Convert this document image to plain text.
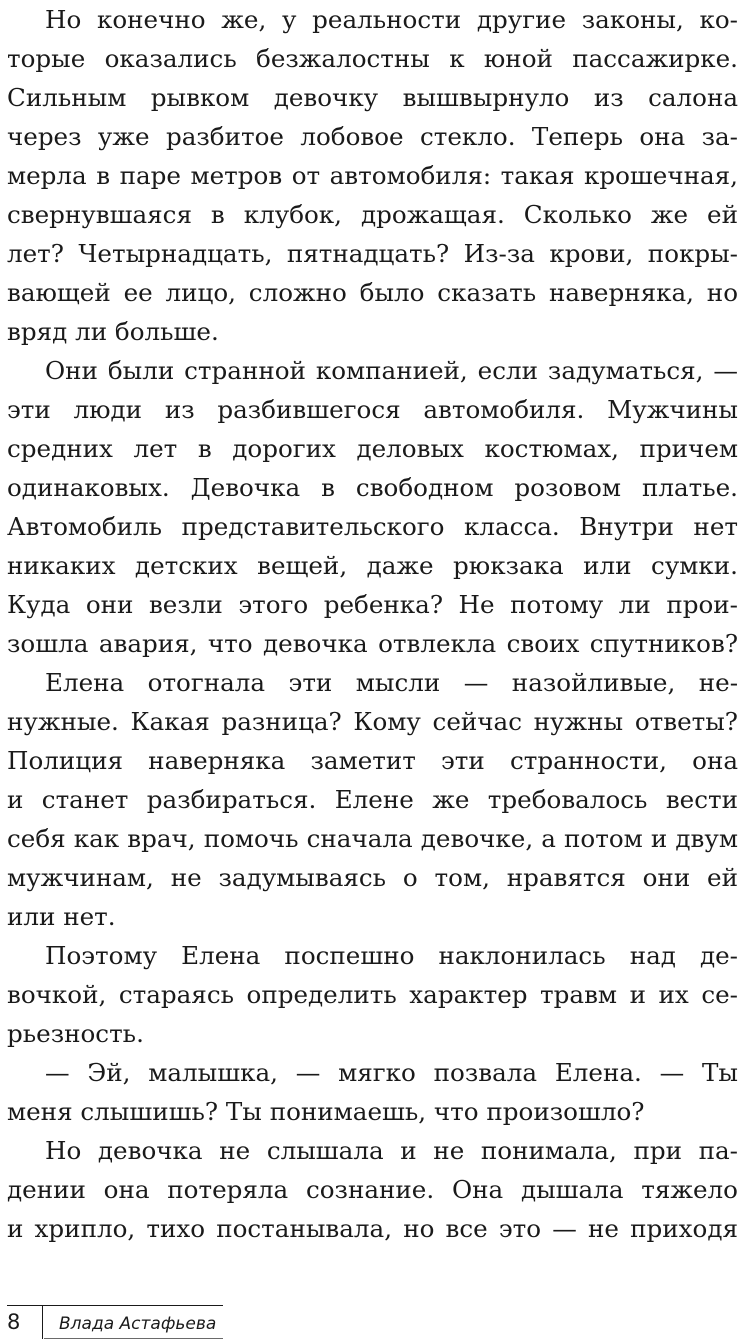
Но конечно же, у реальности другие законы, ко-
торые оказались безжалостны к юной пассажирке.
Сильным рывком девочку вышвырнуло из салона
через уже разбитое лобовое стекло. Теперь она за-
мерла в паре метров от автомобиля: такая крошечная,
свернувшаяся в клубок, дрожащая. Сколько же ей
лет? Четырнадцать, пятнадцать? Из-за крови, покры-
вающей ее лицо, сложно было сказать наверняка, но
вряд ли больше.
Они были странной компанией, если задуматься, —
эти люди из разбившегося автомобиля. Мужчины
средних лет в дорогих деловых костюмах, причем
одинаковых. Девочка в свободном розовом платье.
Автомобиль представительского класса. Внутри нет
никаких детских вещей, даже рюкзака или сумки.
Куда они везли этого ребенка? Не потому ли прои-
зошла авария, что девочка отвлекла своих спутников?
Елена отогнала эти мысли — назойливые, не-
нужные. Какая разница? Кому сейчас нужны ответы?
Полиция наверняка заметит эти странности, она
и станет разбираться. Елене же требовалось вести
себя как врач, помочь сначала девочке, а потом и двум
мужчинам, не задумываясь о том, нравятся они ей
или нет.
Поэтому Елена поспешно наклонилась над де-
вочкой, стараясь определить характер травм и их се-
рьезность.
— Эй, малышка, — мягко позвала Елена. — Ты
меня слышишь? Ты понимаешь, что произошло?
Но девочка не слышала и не понимала, при па-
дении она потеряла сознание. Она дышала тяжело
и хрипло, тихо постанывала, но все это — не приходя
8 Влада Астафьева
